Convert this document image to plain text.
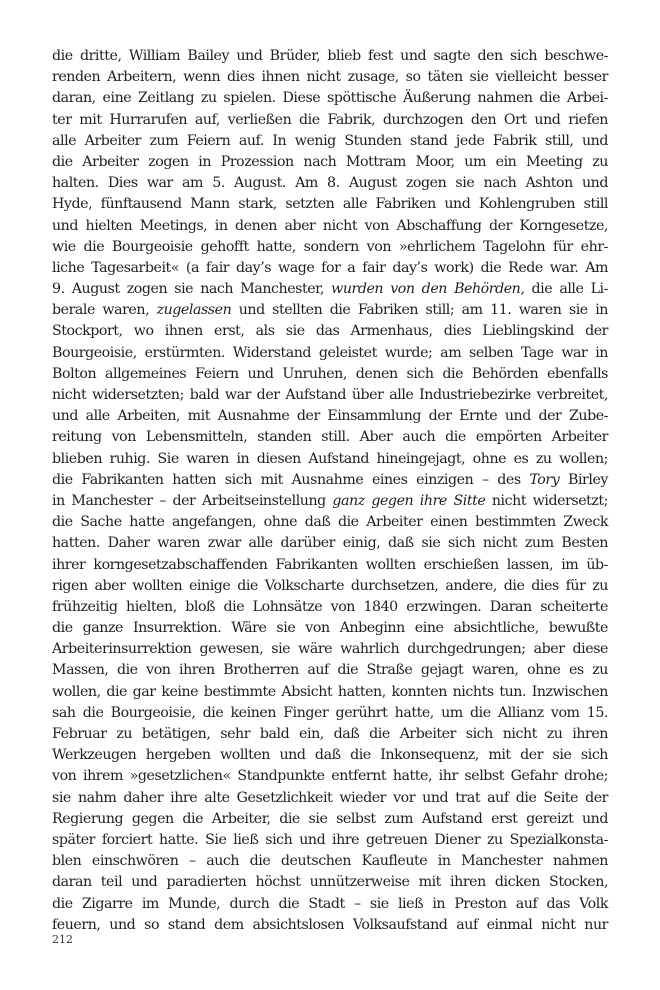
die dritte, William Bailey und Brüder, blieb fest und sagte den sich beschwe-
renden Arbeitern, wenn dies ihnen nicht zusage, so täten sie vielleicht besser
daran, eine Zeitlang zu spielen. Diese spöttische Äußerung nahmen die Arbei-
ter mit Hurrarufen auf, verließen die Fabrik, durchzogen den Ort und riefen
alle Arbeiter zum Feiern auf. In wenig Stunden stand jede Fabrik still, und
die Arbeiter zogen in Prozession nach Mottram Moor, um ein Meeting zu
halten. Dies war am 5. August. Am 8. August zogen sie nach Ashton und
Hyde, fünftausend Mann stark, setzten alle Fabriken und Kohlengruben still
und hielten Meetings, in denen aber nicht von Abschaffung der Korngesetze,
wie die Bourgeoisie gehofft hatte, sondern von »ehrlichem Tagelohn für ehr-
liche Tagesarbeit« (a fair day’s wage for a fair day’s work) die Rede war. Am
9. August zogen sie nach Manchester, wurden von den Behörden, die alle Li-
berale waren, zugelassen und stellten die Fabriken still; am 11. waren sie in
Stockport, wo ihnen erst, als sie das Armenhaus, dies Lieblingskind der
Bourgeoisie, erstürmten. Widerstand geleistet wurde; am selben Tage war in
Bolton allgemeines Feiern und Unruhen, denen sich die Behörden ebenfalls
nicht widersetzten; bald war der Aufstand über alle Industriebezirke verbreitet,
und alle Arbeiten, mit Ausnahme der Einsammlung der Ernte und der Zube-
reitung von Lebensmitteln, standen still. Aber auch die empörten Arbeiter
blieben ruhig. Sie waren in diesen Aufstand hineingejagt, ohne es zu wollen;
die Fabrikanten hatten sich mit Ausnahme eines einzigen – des Tory Birley
in Manchester – der Arbeitseinstellung ganz gegen ihre Sitte nicht widersetzt;
die Sache hatte angefangen, ohne daß die Arbeiter einen bestimmten Zweck
hatten. Daher waren zwar alle darüber einig, daß sie sich nicht zum Besten
ihrer korngesetzabschaffenden Fabrikanten wollten erschießen lassen, im üb-
rigen aber wollten einige die Volkscharte durchsetzen, andere, die dies für zu
frühzeitig hielten, bloß die Lohnsätze von 1840 erzwingen. Daran scheiterte
die ganze Insurrektion. Wäre sie von Anbeginn eine absichtliche, bewußte
Arbeiterinsurrektion gewesen, sie wäre wahrlich durchgedrungen; aber diese
Massen, die von ihren Brotherren auf die Straße gejagt waren, ohne es zu
wollen, die gar keine bestimmte Absicht hatten, konnten nichts tun. Inzwischen
sah die Bourgeoisie, die keinen Finger gerührt hatte, um die Allianz vom 15.
Februar zu betätigen, sehr bald ein, daß die Arbeiter sich nicht zu ihren
Werkzeugen hergeben wollten und daß die Inkonsequenz, mit der sie sich
von ihrem »gesetzlichen« Standpunkte entfernt hatte, ihr selbst Gefahr drohe;
sie nahm daher ihre alte Gesetzlichkeit wieder vor und trat auf die Seite der
Regierung gegen die Arbeiter, die sie selbst zum Aufstand erst gereizt und
später forciert hatte. Sie ließ sich und ihre getreuen Diener zu Spezialkonsta-
blen einschwören – auch die deutschen Kaufleute in Manchester nahmen
daran teil und paradierten höchst unnützerweise mit ihren dicken Stocken,
die Zigarre im Munde, durch die Stadt – sie ließ in Preston auf das Volk
feuern, und so stand dem absichtslosen Volksaufstand auf einmal nicht nur
212
